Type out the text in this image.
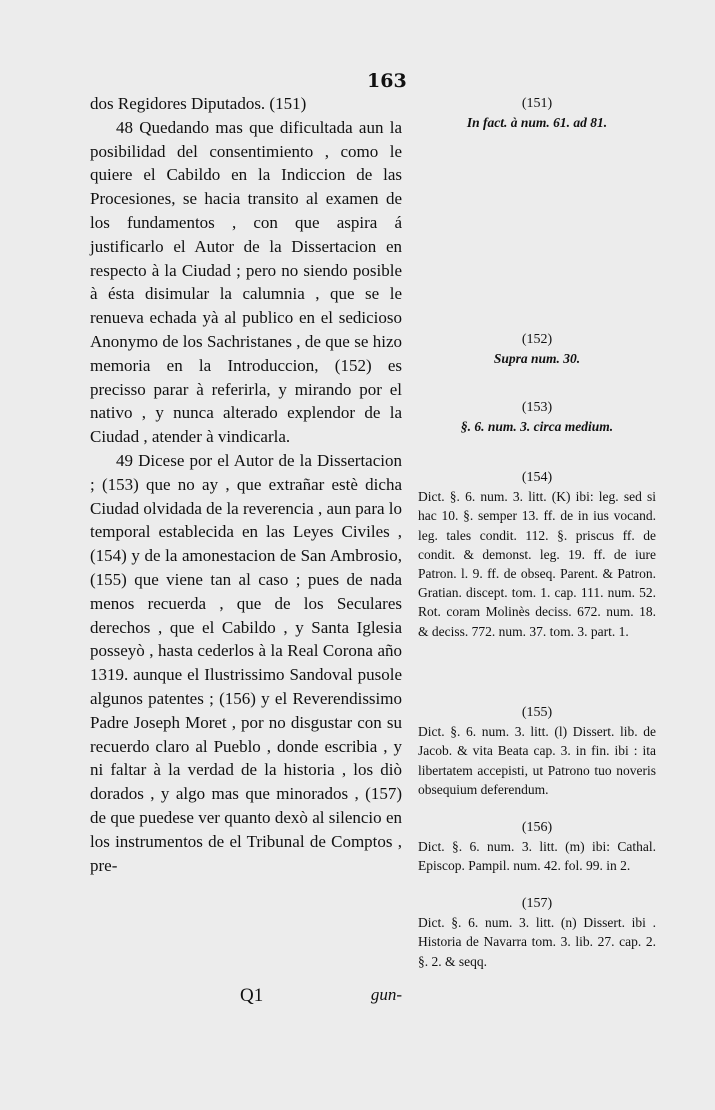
163

dos Regidores Diputados. (151)

48 Quedando mas que dificultada aun la posibilidad del consentimiento , como le quiere el Cabildo en la Indiccion de las Procesiones, se hacia transito al examen de los fundamentos , con que aspira á justificarlo el Autor de la Dissertacion en respecto à la Ciudad ; pero no siendo posible à ésta disimular la calumnia , que se le renueva echada yà al publico en el sedicioso Anonymo de los Sachristanes , de que se hizo memoria en la Introduccion, (152) es precisso parar à referirla, y mirando por el nativo , y nunca alterado explendor de la Ciudad , atender à vindicarla.

49 Dicese por el Autor de la Dissertacion ; (153) que no ay , que extrañar estè dicha Ciudad olvidada de la reverencia , aun para lo temporal establecida en las Leyes Civiles , (154) y de la amonestacion de San Ambrosio, (155) que viene tan al caso ; pues de nada menos recuerda , que de los Seculares derechos , que el Cabildo , y Santa Iglesia posseyò , hasta cederlos à la Real Corona año 1319. aunque el Ilustrissimo Sandoval pusole algunos patentes ; (156) y el Reverendissimo Padre Joseph Moret , por no disgustar con su recuerdo claro al Pueblo , donde escribia , y ni faltar à la verdad de la historia , los diò dorados , y algo mas que minorados , (157) de que puedese ver quanto dexò al silencio en los instrumentos de el Tribunal de Comptos , pre-

Q1	gun-
(151)
In fact. à num. 61. ad 81.
(152)
Supra num. 30.
(153)
§. 6. num. 3. circa medium.
(154)
Dict. §. 6. num. 3. litt. (K) ibi: leg. sed si hac 10. §. semper 13. ff. de in ius vocand. leg. tales condit. 112. §. priscus ff. de condit. & demonst. leg. 19. ff. de iure Patron. l. 9. ff. de obseq. Parent. & Patron. Gratian. discept. tom. 1. cap. 111. num. 52. Rot. coram Molinès deciss. 672. num. 18. & deciss. 772. num. 37. tom. 3. part. 1.
(155)
Dict. §. 6. num. 3. litt. (l) Dissert. lib. de Jacob. & vita Beata cap. 3. in fin. ibi : ita libertatem accepisti, ut Patrono tuo noveris obsequium deferendum.
(156)
Dict. §. 6. num. 3. litt. (m) ibi: Cathal. Episcop. Pampil. num. 42. fol. 99. in 2.
(157)
Dict. §. 6. num. 3. litt. (n) Dissert. ibi . Historia de Navarra tom. 3. lib. 27. cap. 2. §. 2. & seqq.
